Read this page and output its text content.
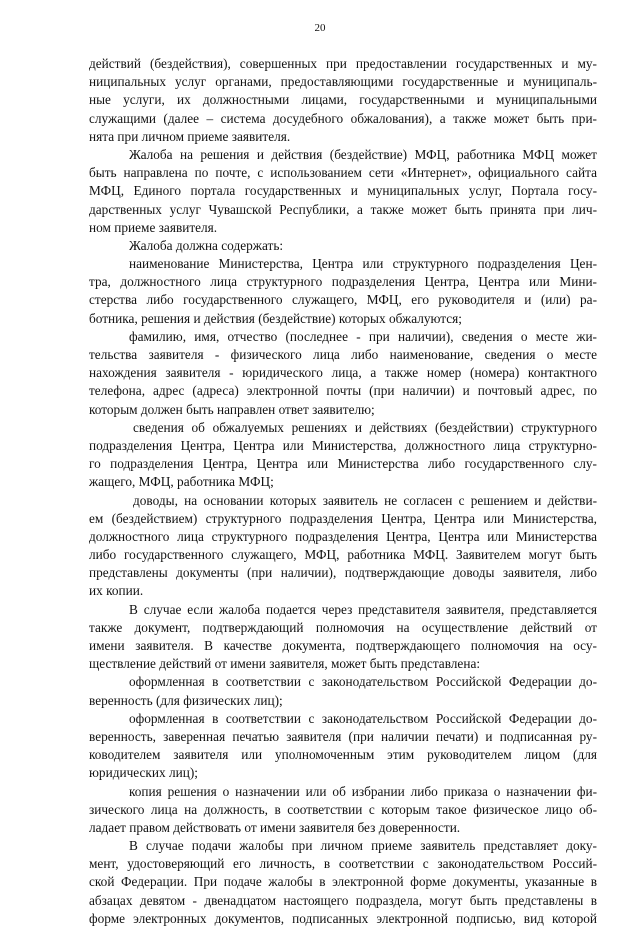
20
действий (бездействия), совершенных при предоставлении государственных и му-
ниципальных услуг органами, предоставляющими государственные и муниципаль-
ные услуги, их должностными лицами, государственными и муниципальными
служащими (далее – система досудебного обжалования), а также может быть при-
нята при личном приеме заявителя.
Жалоба на решения и действия (бездействие) МФЦ, работника МФЦ может
быть направлена по почте, с использованием сети «Интернет», официального сайта
МФЦ, Единого портала государственных и муниципальных услуг, Портала госу-
дарственных услуг Чувашской Республики, а также может быть принята при лич-
ном приеме заявителя.
Жалоба должна содержать:
наименование Министерства, Центра или структурного подразделения Цен-
тра, должностного лица структурного подразделения Центра, Центра или Мини-
стерства либо государственного служащего, МФЦ, его руководителя и (или) ра-
ботника, решения и действия (бездействие) которых обжалуются;
фамилию, имя, отчество (последнее - при наличии), сведения о месте жи-
тельства заявителя - физического лица либо наименование, сведения о месте
нахождения заявителя - юридического лица, а также номер (номера) контактного
телефона, адрес (адреса) электронной почты (при наличии) и почтовый адрес, по
которым должен быть направлен ответ заявителю;
сведения об обжалуемых решениях и действиях (бездействии) структурного
подразделения Центра, Центра или Министерства, должностного лица структурно-
го подразделения Центра, Центра или Министерства либо государственного слу-
жащего, МФЦ, работника МФЦ;
доводы, на основании которых заявитель не согласен с решением и действи-
ем (бездействием) структурного подразделения Центра, Центра или Министерства,
должностного лица структурного подразделения Центра, Центра или Министерства
либо государственного служащего, МФЦ, работника МФЦ. Заявителем могут быть
представлены документы (при наличии), подтверждающие доводы заявителя, либо
их копии.
В случае если жалоба подается через представителя заявителя, представляется
также документ, подтверждающий полномочия на осуществление действий от
имени заявителя. В качестве документа, подтверждающего полномочия на осу-
ществление действий от имени заявителя, может быть представлена:
оформленная в соответствии с законодательством Российской Федерации до-
веренность (для физических лиц);
оформленная в соответствии с законодательством Российской Федерации до-
веренность, заверенная печатью заявителя (при наличии печати) и подписанная ру-
ководителем заявителя или уполномоченным этим руководителем лицом (для
юридических лиц);
копия решения о назначении или об избрании либо приказа о назначении фи-
зического лица на должность, в соответствии с которым такое физическое лицо об-
ладает правом действовать от имени заявителя без доверенности.
В случае подачи жалобы при личном приеме заявитель представляет доку-
мент, удостоверяющий его личность, в соответствии с законодательством Россий-
ской Федерации. При подаче жалобы в электронной форме документы, указанные в
абзацах девятом - двенадцатом настоящего подраздела, могут быть представлены в
форме электронных документов, подписанных электронной подписью, вид которой
